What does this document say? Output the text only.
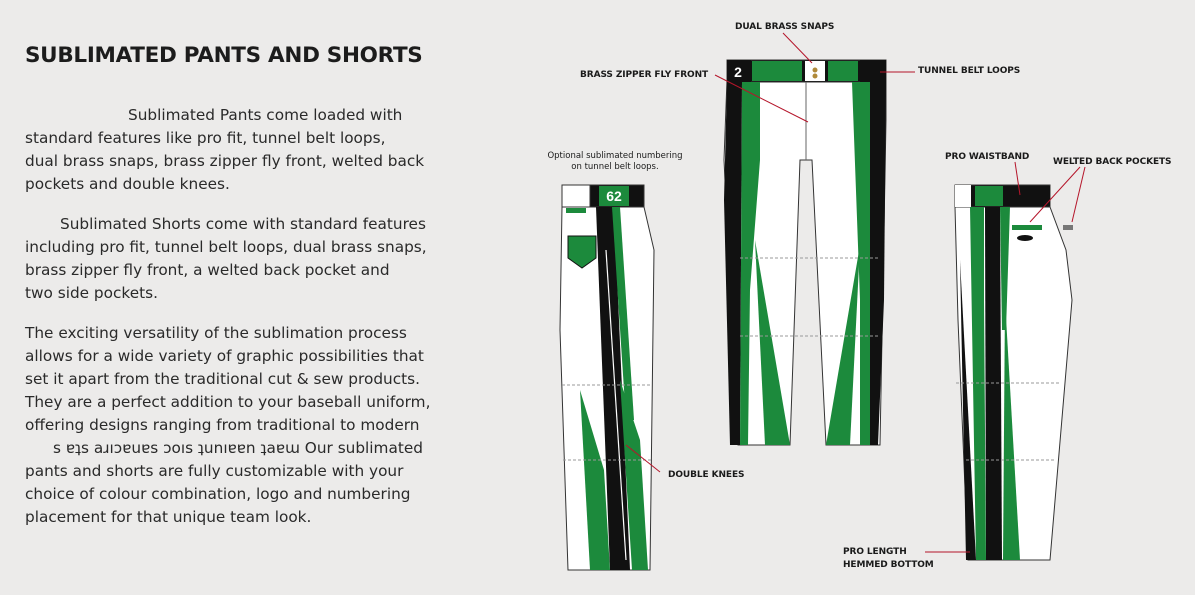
SUBLIMATED PANTS AND SHORTS

Sublimated Pants come loaded with

standard features like pro fit, tunnel belt loops,

dual brass snaps, brass zipper fly front, welted back

pockets and double knees.

Sublimated Shorts come with standard features

including pro fit, tunnel belt loops, dual brass snaps,

brass zipper fly front, a welted back pocket and

two side pockets.

The exciting versatility of the sublimation process

allows for a wide variety of graphic possibilities that

set it apart from the traditional cut & sew products.

They are a perfect addition to your baseball uniform,

offering designs ranging from traditional to modern

s ɐʇs aɹıɔɐuɐs ɔoıs ʇunıɐɐn ʇaɐɯ Our sublimated

pants and shorts are fully customizable with your

choice of colour combination, logo and numbering

placement for that unique team look.

62
2
DUAL BRASS SNAPS
BRASS ZIPPER FLY FRONT	TUNNEL BELT LOOPS
Optional sublimated numbering
on tunnel belt loops.
PRO WAISTBAND	WELTED BACK POCKETS
DOUBLE KNEES
PRO LENGTH
HEMMED BOTTOM
